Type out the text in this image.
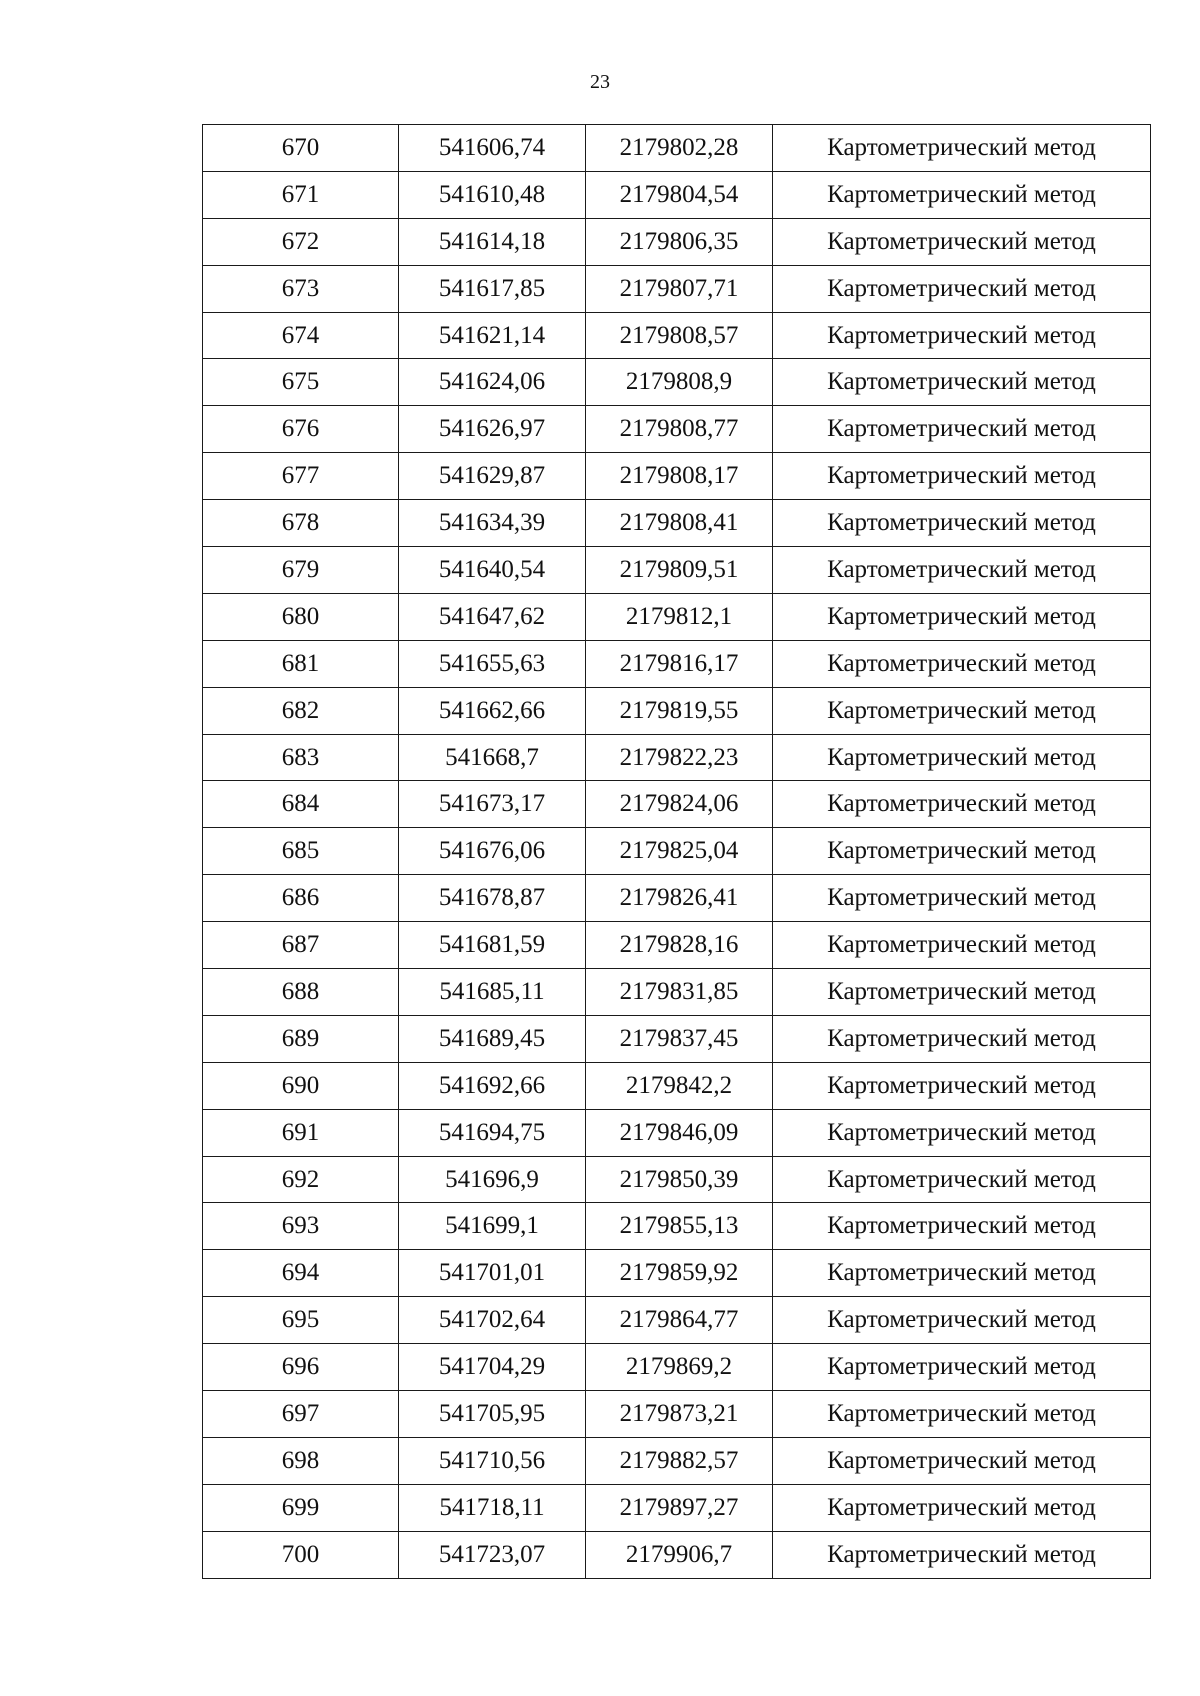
23
670	541606,74	2179802,28	Картометрический метод
671	541610,48	2179804,54	Картометрический метод
672	541614,18	2179806,35	Картометрический метод
673	541617,85	2179807,71	Картометрический метод
674	541621,14	2179808,57	Картометрический метод
675	541624,06	2179808,9	Картометрический метод
676	541626,97	2179808,77	Картометрический метод
677	541629,87	2179808,17	Картометрический метод
678	541634,39	2179808,41	Картометрический метод
679	541640,54	2179809,51	Картометрический метод
680	541647,62	2179812,1	Картометрический метод
681	541655,63	2179816,17	Картометрический метод
682	541662,66	2179819,55	Картометрический метод
683	541668,7	2179822,23	Картометрический метод
684	541673,17	2179824,06	Картометрический метод
685	541676,06	2179825,04	Картометрический метод
686	541678,87	2179826,41	Картометрический метод
687	541681,59	2179828,16	Картометрический метод
688	541685,11	2179831,85	Картометрический метод
689	541689,45	2179837,45	Картометрический метод
690	541692,66	2179842,2	Картометрический метод
691	541694,75	2179846,09	Картометрический метод
692	541696,9	2179850,39	Картометрический метод
693	541699,1	2179855,13	Картометрический метод
694	541701,01	2179859,92	Картометрический метод
695	541702,64	2179864,77	Картометрический метод
696	541704,29	2179869,2	Картометрический метод
697	541705,95	2179873,21	Картометрический метод
698	541710,56	2179882,57	Картометрический метод
699	541718,11	2179897,27	Картометрический метод
700	541723,07	2179906,7	Картометрический метод
